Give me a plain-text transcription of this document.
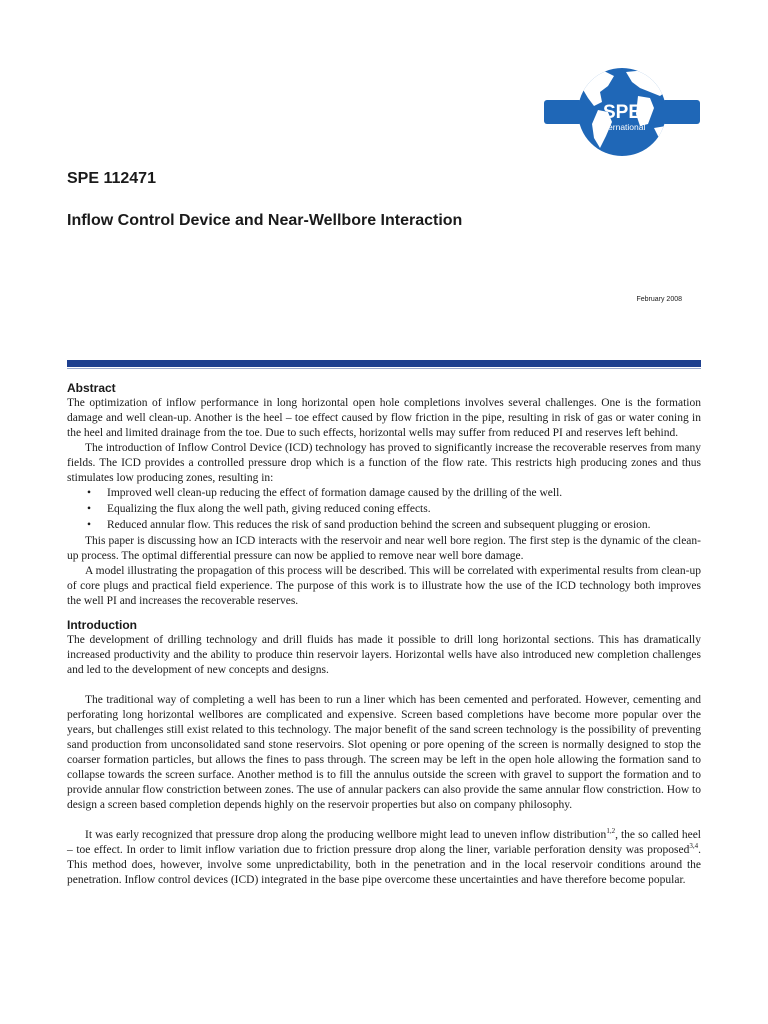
SPE
International
SPE 112471
Inflow Control Device and Near-Wellbore Interaction
February 2008
Abstract

The optimization of inflow performance in long horizontal open hole completions involves several challenges. One is the formation damage and well clean-up. Another is the heel – toe effect caused by flow friction in the pipe, resulting in risk of gas or water coning in the heel and limited drainage from the toe. Due to such effects, horizontal wells may suffer from reduced PI and reserves left behind.

The introduction of Inflow Control Device (ICD) technology has proved to significantly increase the recoverable reserves from many fields. The ICD provides a controlled pressure drop which is a function of the flow rate. This restricts high producing zones and thus stimulates low producing zones, resulting in:

• Improved well clean-up reducing the effect of formation damage caused by the drilling of the well.
• Equalizing the flux along the well path, giving reduced coning effects.
• Reduced annular flow. This reduces the risk of sand production behind the screen and subsequent plugging or erosion.

This paper is discussing how an ICD interacts with the reservoir and near well bore region. The first step is the dynamic of the clean-up process. The optimal differential pressure can now be applied to remove near well bore damage.

A model illustrating the propagation of this process will be described. This will be correlated with experimental results from clean-up of core plugs and practical field experience. The purpose of this work is to illustrate how the use of the ICD technology both improves the well PI and increases the recoverable reserves.

Introduction

The development of drilling technology and drill fluids has made it possible to drill long horizontal sections. This has dramatically increased productivity and the ability to produce thin reservoir layers. Horizontal wells have also introduced new completion challenges and led to the development of new concepts and designs.

The traditional way of completing a well has been to run a liner which has been cemented and perforated. However, cementing and perforating long horizontal wellbores are complicated and expensive. Screen based completions have become more popular over the years, but challenges still exist related to this technology. The major benefit of the sand screen technology is the possibility of preventing sand production from unconsolidated sand stone reservoirs. Slot opening or pore opening of the screen is normally designed to stop the coarser formation particles, but allows the fines to pass through. The screen may be left in the open hole allowing the formation sand to collapse towards the screen surface. Another method is to fill the annulus outside the screen with gravel to support the formation and to provide annular flow constriction between zones. The use of annular packers can also provide the same annular flow constriction. How to design a screen based completion depends highly on the reservoir properties but also on company philosophy.

It was early recognized that pressure drop along the producing wellbore might lead to uneven inflow distribution$^{1,2}$, the so called heel – toe effect. In order to limit inflow variation due to friction pressure drop along the liner, variable perforation density was proposed$^{3,4}$. This method does, however, involve some unpredictability, both in the penetration and in the local reservoir conditions around the penetration. Inflow control devices (ICD) integrated in the base pipe overcome these uncertainties and have therefore become popular.
